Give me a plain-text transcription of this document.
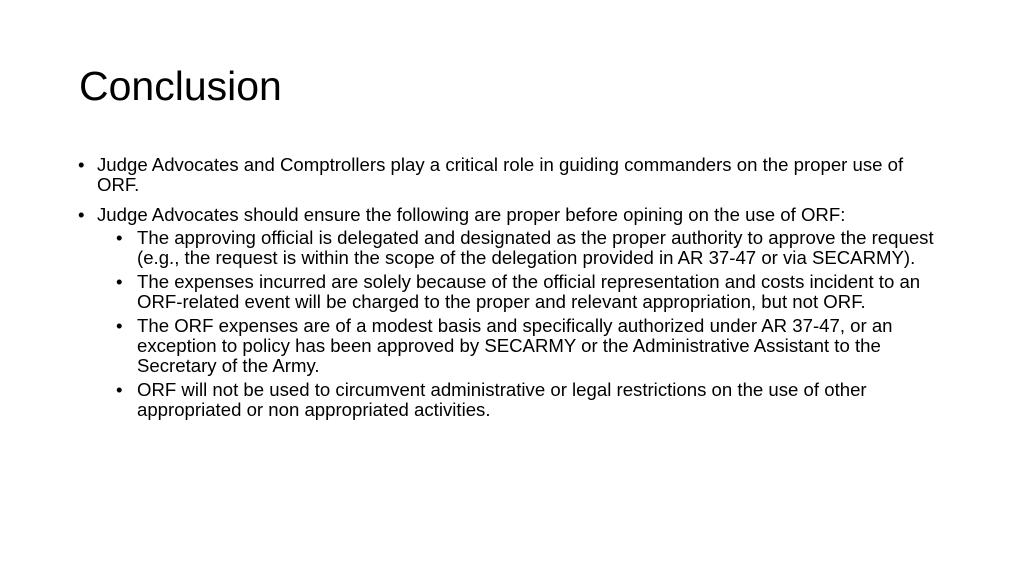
Conclusion
• Judge Advocates and Comptrollers play a critical role in guiding commanders on the proper use of ORF.
• Judge Advocates should ensure the following are proper before opining on the use of ORF:
• The approving official is delegated and designated as the proper authority to approve the request (e.g., the request is within the scope of the delegation provided in AR 37-47 or via SECARMY).
• The expenses incurred are solely because of the official representation and costs incident to an ORF-related event will be charged to the proper and relevant appropriation, but not ORF.
• The ORF expenses are of a modest basis and specifically authorized under AR 37-47, or an exception to policy has been approved by SECARMY or the Administrative Assistant to the Secretary of the Army.
• ORF will not be used to circumvent administrative or legal restrictions on the use of other appropriated or non appropriated activities.
